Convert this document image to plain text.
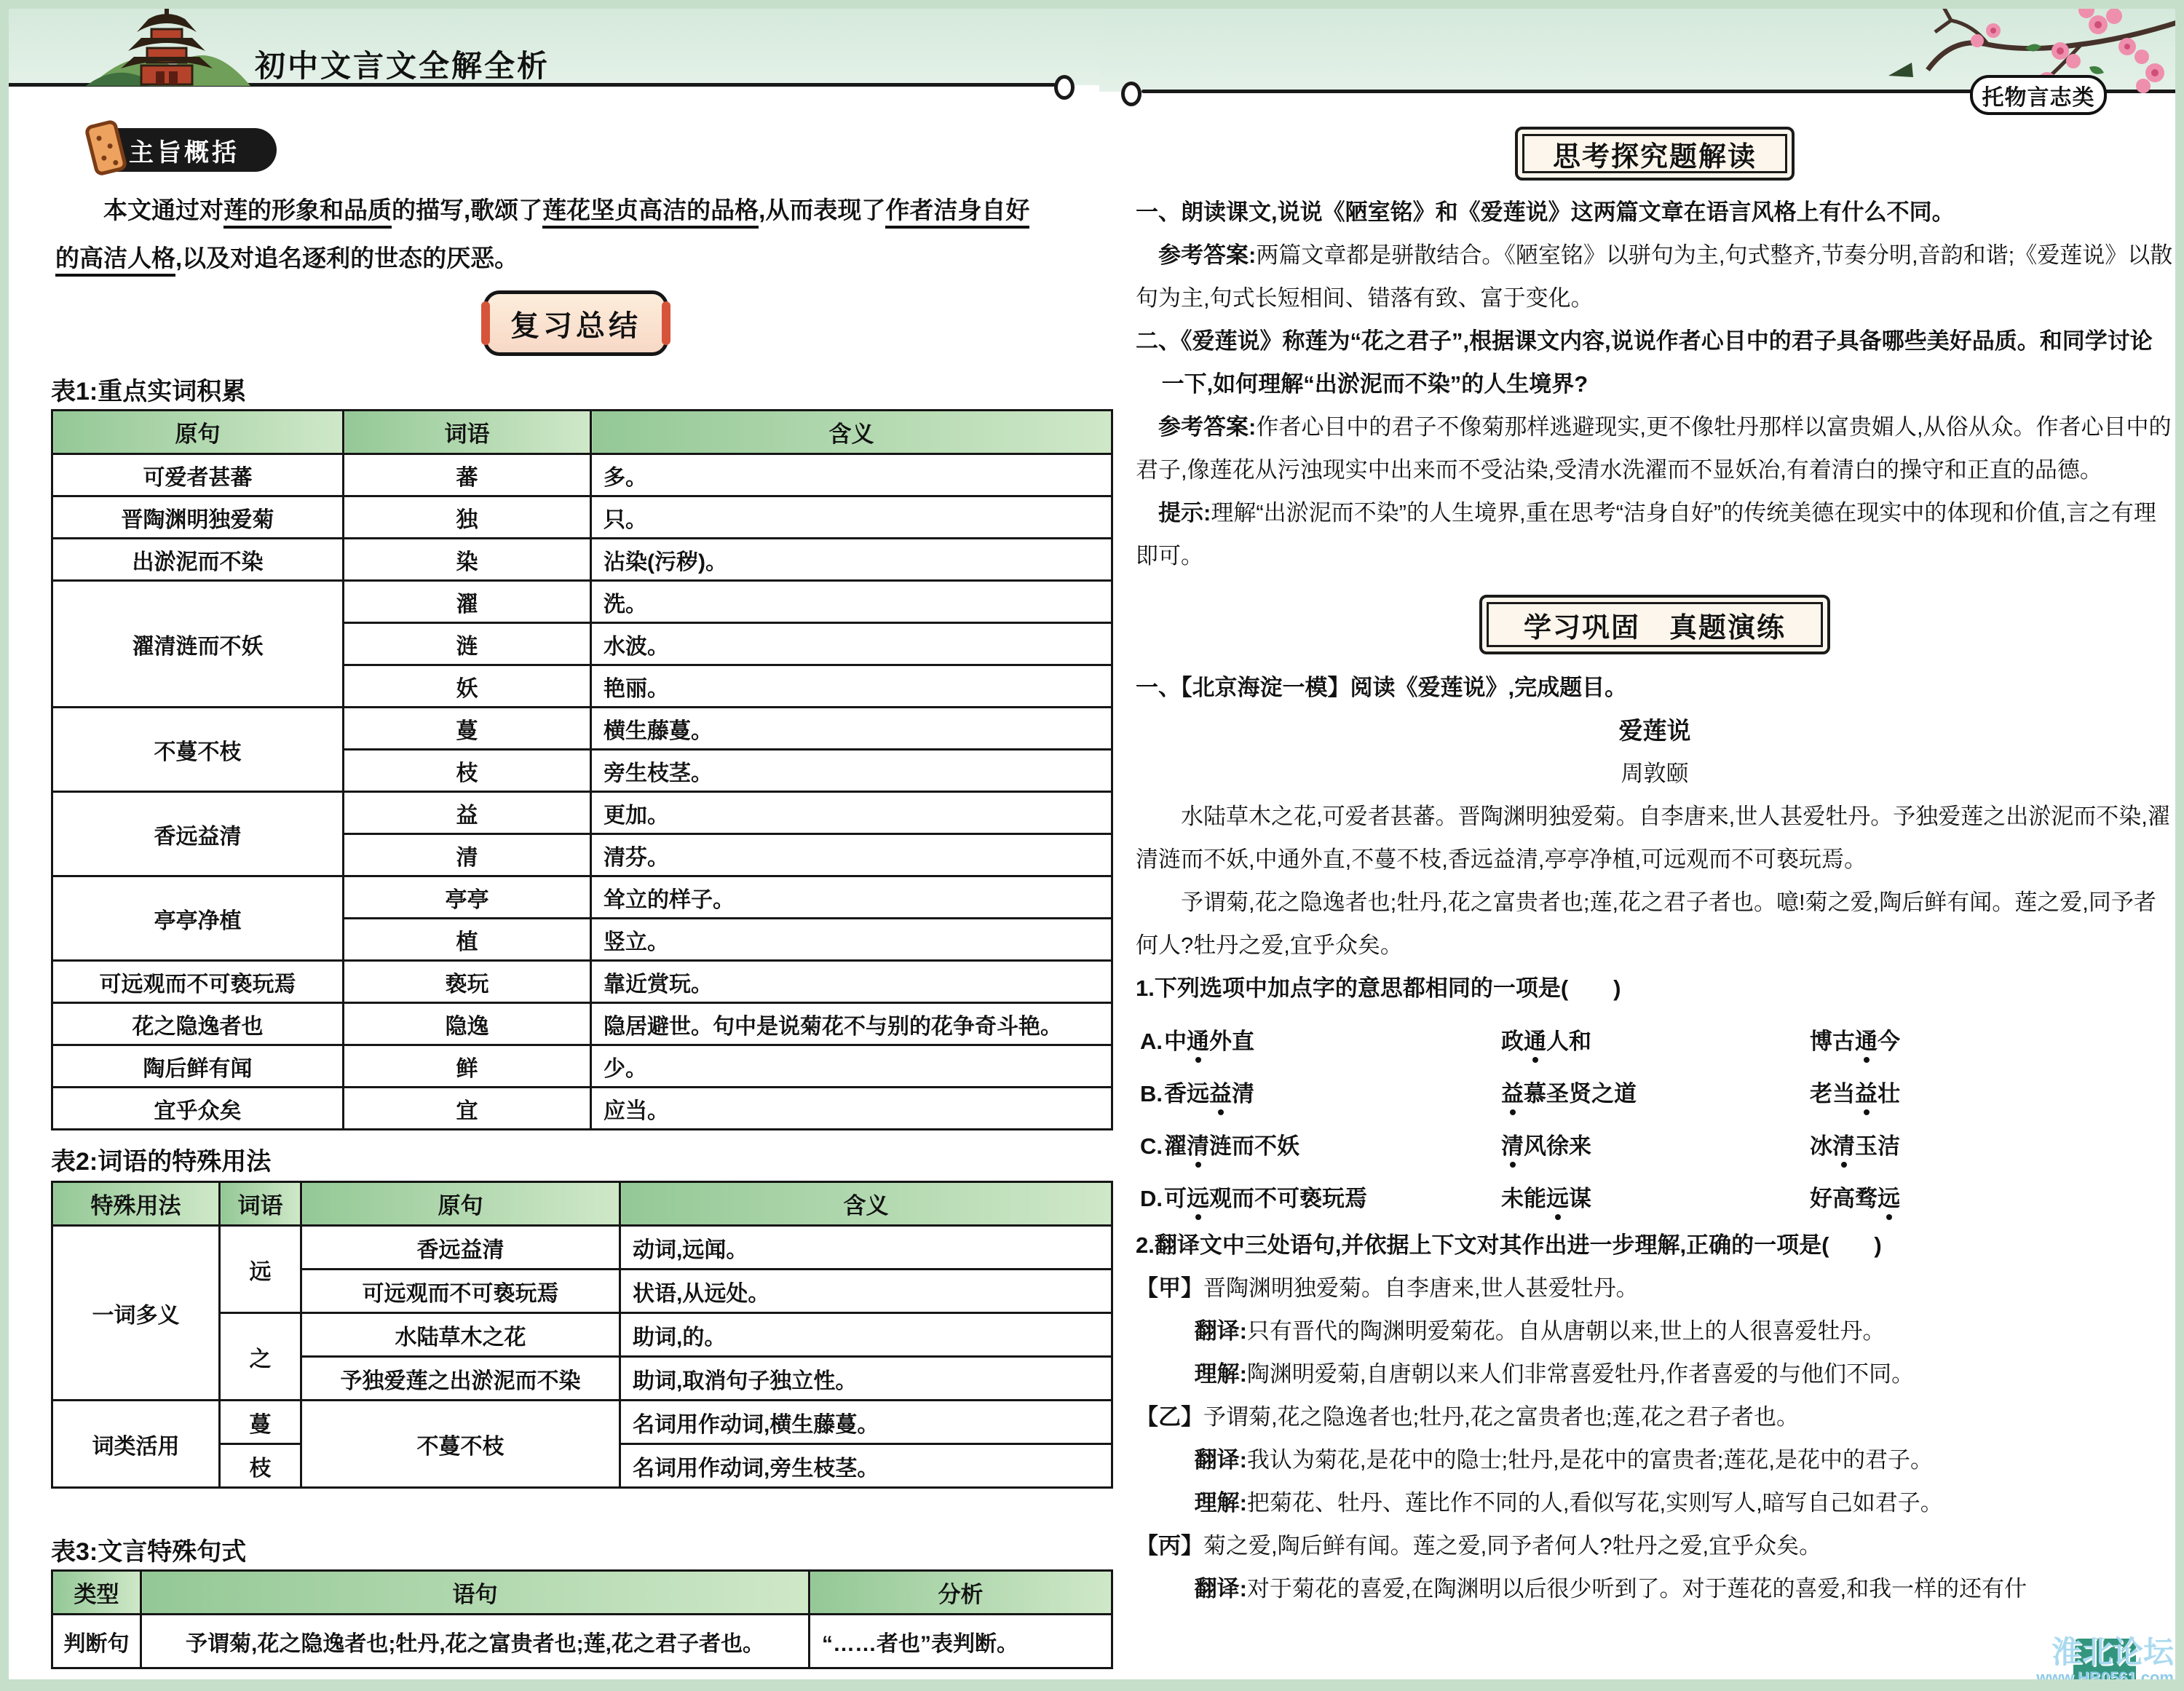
初中文言文全解全析
托物言志类
主旨概括
本文通过对莲的形象和品质的描写,歌颂了莲花坚贞高洁的品格,从而表现了作者洁身自好
的高洁人格,以及对追名逐利的世态的厌恶。
复习总结
表1:重点实词积累
原句	词语	含义
可爱者甚蕃	蕃	多。
晋陶渊明独爱菊	独	只。
出淤泥而不染	染	沾染(污秽)。
濯清涟而不妖	濯	洗。
	涟	水波。
	妖	艳丽。
不蔓不枝	蔓	横生藤蔓。
	枝	旁生枝茎。
香远益清	益	更加。
	清	清芬。
亭亭净植	亭亭	耸立的样子。
	植	竖立。
可远观而不可亵玩焉	亵玩	靠近赏玩。
花之隐逸者也	隐逸	隐居避世。句中是说菊花不与别的花争奇斗艳。
陶后鲜有闻	鲜	少。
宜乎众矣	宜	应当。
表2:词语的特殊用法
特殊用法	词语	原句	含义
一词多义	远	香远益清	动词,远闻。
		可远观而不可亵玩焉	状语,从远处。
	之	水陆草木之花	助词,的。
		予独爱莲之出淤泥而不染	助词,取消句子独立性。
词类活用	蔓	不蔓不枝	名词用作动词,横生藤蔓。
	枝		名词用作动词,旁生枝茎。
表3:文言特殊句式
类型	语句	分析
判断句	予谓菊,花之隐逸者也;牡丹,花之富贵者也;莲,花之君子者也。	“……者也”表判断。
思考探究题解读

一、朗读课文,说说《陋室铭》和《爱莲说》这两篇文章在语言风格上有什么不同。

参考答案:两篇文章都是骈散结合。《陋室铭》以骈句为主,句式整齐,节奏分明,音韵和谐;《爱莲说》以散句为主,句式长短相间、错落有致、富于变化。

二、《爱莲说》称莲为“花之君子”,根据课文内容,说说作者心目中的君子具备哪些美好品质。和同学讨论一下,如何理解“出淤泥而不染”的人生境界?

参考答案:作者心目中的君子不像菊那样逃避现实,更不像牡丹那样以富贵媚人,从俗从众。作者心目中的君子,像莲花从污浊现实中出来而不受沾染,受清水洗濯而不显妖冶,有着清白的操守和正直的品德。

提示:理解“出淤泥而不染”的人生境界,重在思考“洁身自好”的传统美德在现实中的体现和价值,言之有理即可。

学习巩固　真题演练

一、【北京海淀一模】阅读《爱莲说》,完成题目。

爱莲说

周敦颐

水陆草木之花,可爱者甚蕃。晋陶渊明独爱菊。自李唐来,世人甚爱牡丹。予独爱莲之出淤泥而不染,濯清涟而不妖,中通外直,不蔓不枝,香远益清,亭亭净植,可远观而不可亵玩焉。

予谓菊,花之隐逸者也;牡丹,花之富贵者也;莲,花之君子者也。噫!菊之爱,陶后鲜有闻。莲之爱,同予者何人?牡丹之爱,宜乎众矣。

1.下列选项中加点字的意思都相同的一项是(　　)

A.中通外直	政通人和	博古通今
B.香远益清	益慕圣贤之道	老当益壮
C.濯清涟而不妖	清风徐来	冰清玉洁
D.可远观而不可亵玩焉	未能远谋	好高骛远

2.翻译文中三处语句,并依据上下文对其作出进一步理解,正确的一项是(　　)

【甲】晋陶渊明独爱菊。自李唐来,世人甚爱牡丹。

翻译:只有晋代的陶渊明爱菊花。自从唐朝以来,世上的人很喜爱牡丹。

理解:陶渊明爱菊,自唐朝以来人们非常喜爱牡丹,作者喜爱的与他们不同。

【乙】予谓菊,花之隐逸者也;牡丹,花之富贵者也;莲,花之君子者也。

翻译:我认为菊花,是花中的隐士;牡丹,是花中的富贵者;莲花,是花中的君子。

理解:把菊花、牡丹、莲比作不同的人,看似写花,实则写人,暗写自己如君子。

【丙】菊之爱,陶后鲜有闻。莲之爱,同予者何人?牡丹之爱,宜乎众矣。

翻译:对于菊花的喜爱,在陶渊明以后很少听到了。对于莲花的喜爱,和我一样的还有什

淮北论坛
www.HB0561.com
